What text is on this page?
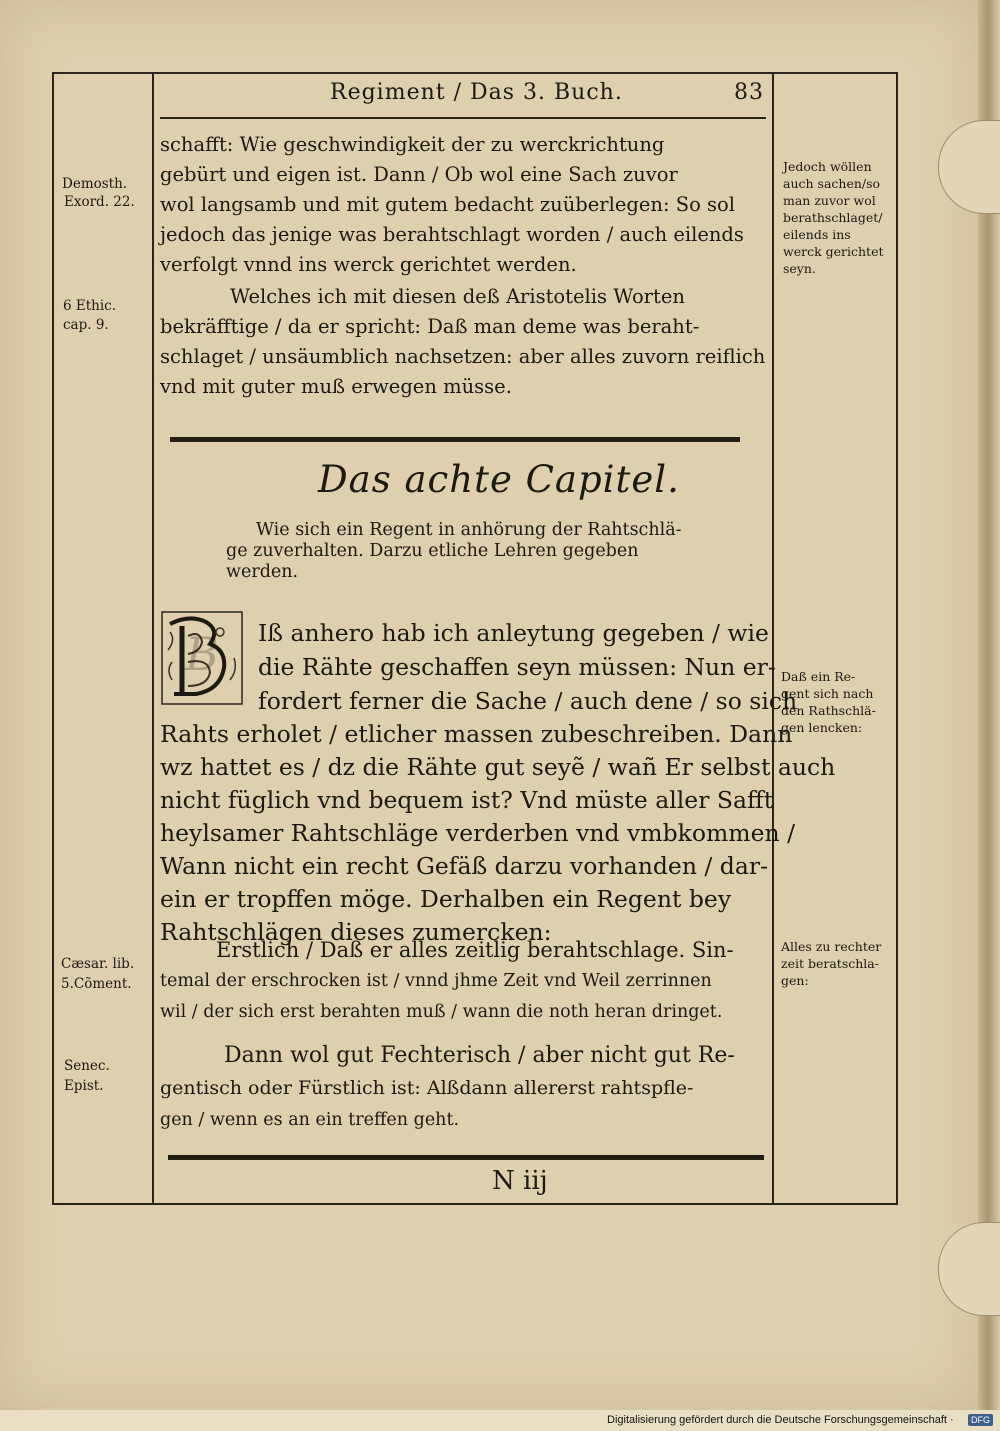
Regiment / Das 3. Buch.	83
Demosth.
Exord. 22.
6 Ethic.
cap. 9.
Cæsar. lib.
5.Cõment.
Senec.
Epist.
Jedoch wöllen
auch sachen/so
man zuvor wol
berathschlaget/
eilends ins
werck gerichtet
seyn.
Daß ein Re-
gent sich nach
den Rathschlä-
gen lencken:
Alles zu rechter
zeit beratschla-
gen:
schafft: Wie geschwindigkeit der zu werckrichtung
gebürt und eigen ist. Dann / Ob wol eine Sach zuvor
wol langsamb und mit gutem bedacht zuüberlegen: So sol
jedoch das jenige was berahtschlagt worden / auch eilends
verfolgt vnnd ins werck gerichtet werden.
Welches ich mit diesen deß Aristotelis Worten
bekräfftige / da er spricht: Daß man deme was beraht-
schlaget / unsäumblich nachsetzen: aber alles zuvorn reiflich
vnd mit guter muß erwegen müsse.
Das achte Capitel.
Wie sich ein Regent in anhörung der Rahtschlä-
ge zuverhalten. Darzu etliche Lehren gegeben
werden.
B Iß anhero hab ich anleytung gegeben / wie
die Rähte geschaffen seyn müssen: Nun er-
fordert ferner die Sache / auch dene / so sich
Rahts erholet / etlicher massen zubeschreiben. Dann
wz hattet es / dz die Rähte gut seyẽ / wañ Er selbst auch
nicht füglich vnd bequem ist? Vnd müste aller Safft
heylsamer Rahtschläge verderben vnd vmbkommen /
Wann nicht ein recht Gefäß darzu vorhanden / dar-
ein er tropffen möge. Derhalben ein Regent bey
Rahtschlägen dieses zumercken:
Erstlich / Daß er alles zeitlig berahtschlage. Sin-
temal der erschrocken ist / vnnd jhme Zeit vnd Weil zerrinnen
wil / der sich erst berahten muß / wann die noth heran dringet.
Dann wol gut Fechterisch / aber nicht gut Re-
gentisch oder Fürstlich ist: Alßdann allererst rahtspfle-
gen / wenn es an ein treffen geht.
N iij
Digitalisierung gefördert durch die Deutsche Forschungsgemeinschaft ·	DFG
